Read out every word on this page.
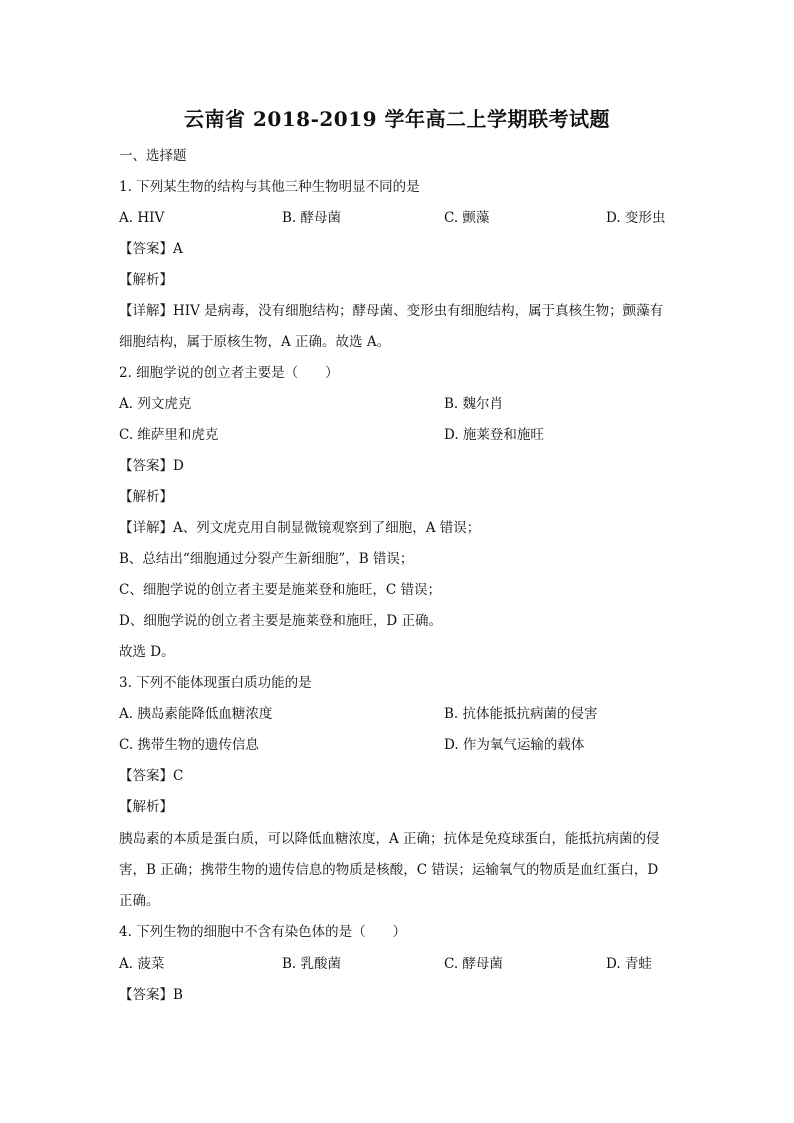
云南省 2018-2019 学年高二上学期联考试题
一、选择题
1. 下列某生物的结构与其他三种生物明显不同的是
A. HIV	B. 酵母菌	C. 颤藻	D. 变形虫
【答案】A
【解析】
【详解】HIV 是病毒，没有细胞结构；酵母菌、变形虫有细胞结构，属于真核生物；颤藻有
细胞结构，属于原核生物，A 正确。故选 A。
2. 细胞学说的创立者主要是（　　）
A. 列文虎克	B. 魏尔肖
C. 维萨里和虎克	D. 施莱登和施旺
【答案】D
【解析】
【详解】A、列文虎克用自制显微镜观察到了细胞，A 错误；
B、总结出“细胞通过分裂产生新细胞”，B 错误；
C、细胞学说的创立者主要是施莱登和施旺，C 错误；
D、细胞学说的创立者主要是施莱登和施旺，D 正确。
故选 D。
3. 下列不能体现蛋白质功能的是
A. 胰岛素能降低血糖浓度	B. 抗体能抵抗病菌的侵害
C. 携带生物的遗传信息	D. 作为氧气运输的载体
【答案】C
【解析】
胰岛素的本质是蛋白质，可以降低血糖浓度，A 正确；抗体是免疫球蛋白，能抵抗病菌的侵
害，B 正确；携带生物的遗传信息的物质是核酸，C 错误；运输氧气的物质是血红蛋白，D
正确。
4. 下列生物的细胞中不含有染色体的是（　　）
A. 菠菜	B. 乳酸菌	C. 酵母菌	D. 青蛙
【答案】B
